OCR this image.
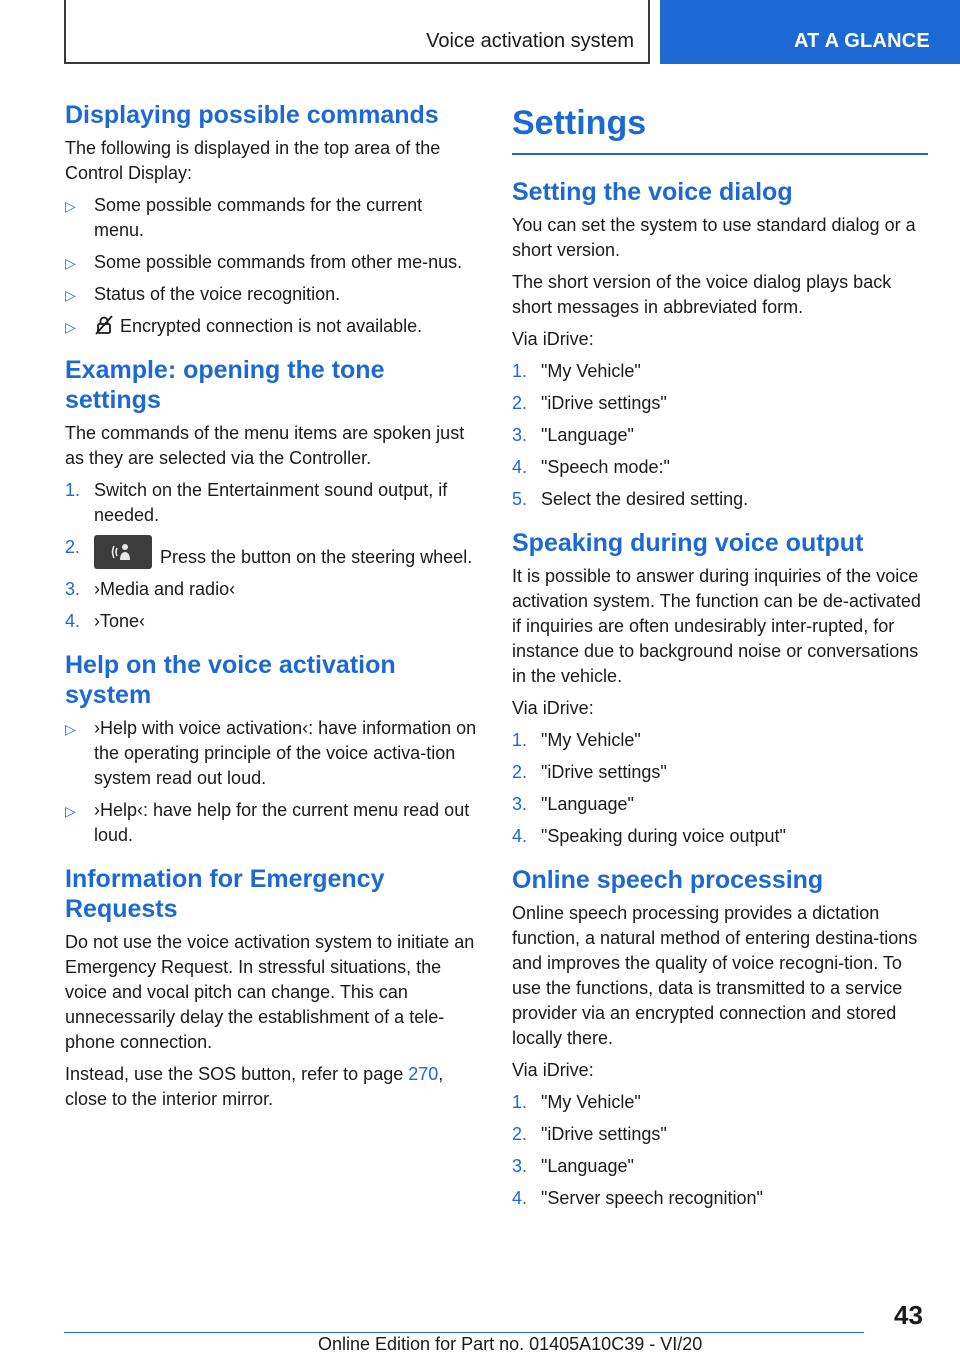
Voice activation system	AT A GLANCE
Displaying possible commands

The following is displayed in the top area of the Control Display:

▷ Some possible commands for the current menu.
▷ Some possible commands from other me‐nus.
▷ Status of the voice recognition.
▷ Encrypted connection is not available.
Example: opening the tone settings

The commands of the menu items are spoken just as they are selected via the Controller.

1. Switch on the Entertainment sound output, if needed.
2.	Press the button on the steering wheel.
3. ›Media and radio‹
4. ›Tone‹
Help on the voice activation system
▷ ›Help with voice activation‹: have information on the operating principle of the voice activa‐tion system read out loud.
▷ ›Help‹: have help for the current menu read out loud.
Information for Emergency Requests

Do not use the voice activation system to initiate an Emergency Request. In stressful situations, the voice and vocal pitch can change. This can unnecessarily delay the establishment of a tele‐phone connection.

Instead, use the SOS button, refer to page 270, close to the interior mirror.

Settings
Setting the voice dialog

You can set the system to use standard dialog or a short version.

The short version of the voice dialog plays back short messages in abbreviated form.

Via iDrive:

1. "My Vehicle"
2. "iDrive settings"
3. "Language"
4. "Speech mode:"
5. Select the desired setting.
Speaking during voice output

It is possible to answer during inquiries of the voice activation system. The function can be de‐activated if inquiries are often undesirably inter‐rupted, for instance due to background noise or conversations in the vehicle.

Via iDrive:

1. "My Vehicle"
2. "iDrive settings"
3. "Language"
4. "Speaking during voice output"
Online speech processing

Online speech processing provides a dictation function, a natural method of entering destina‐tions and improves the quality of voice recogni‐tion. To use the functions, data is transmitted to a service provider via an encrypted connection and stored locally there.

Via iDrive:

1. "My Vehicle"
2. "iDrive settings"
3. "Language"
4. "Server speech recognition"
43
Online Edition for Part no. 01405A10C39 - VI/20
